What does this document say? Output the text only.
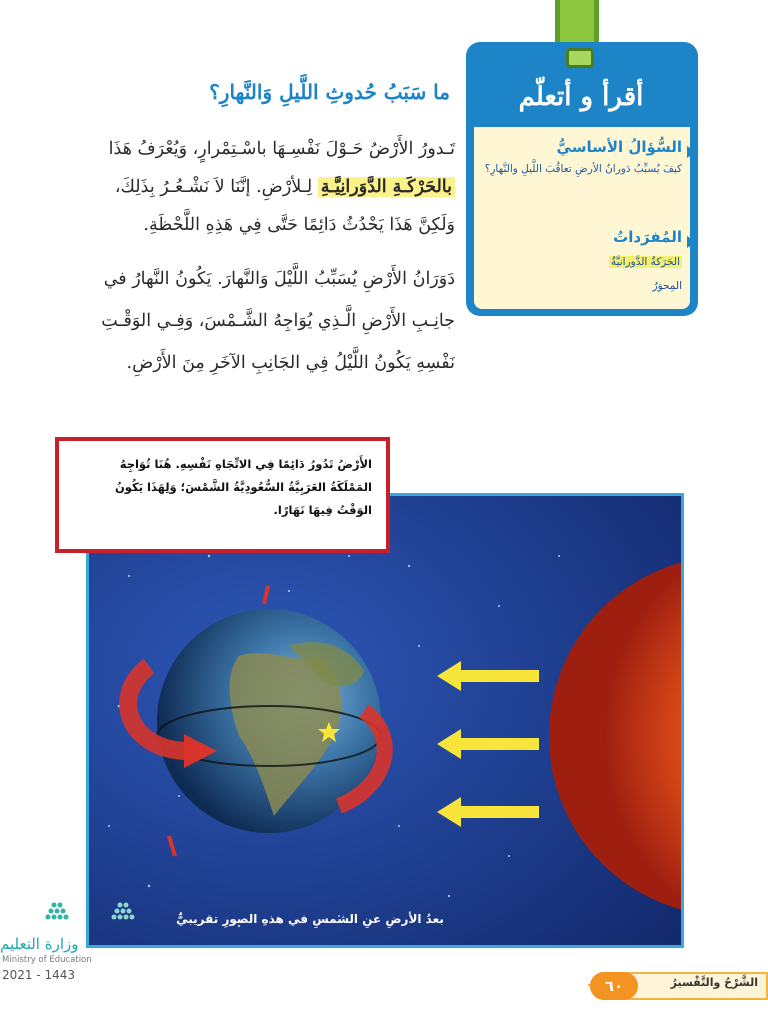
أقرأ و أتعلّم
السُّؤالُ الأساسيُّ
كيفَ يُسبِّبُ دَورانُ الأرضِ تعاقُبَ اللَّيلِ والنَّهارِ؟
المُفرَداتُ
الحَرَكةُ الدَّورانيَّةُ
المِحوَرُ
ما سَبَبُ حُدوثِ اللَّيلِ وَالنَّهارِ؟
تَـدورُ الأَرْضُ حَـوْلَ نَفْسِـهَا باسْـتِمْرارٍ، وَيُعْرَفُ هَذَا
بالحَرْكَـةِ الدَّوَرانِيَّـةِ لِـلأرْضِ. إنَّنَا لاَ نَشْـعُـرُ بِذَلِكَ،
وَلَكِنَّ هَذَا يَحْدُثُ دَائِمًا حَتَّى فِي هَذِهِ اللَّحْظَةِ.
دَوَرَانُ الأَرْضِ يُسَبِّبُ اللَّيْلَ وَالنَّهارَ. يَكُونُ النَّهارُ في
جانِـبِ الأَرْضِ الَّـذِي يُوَاجِهُ الشَّـمْسَ، وَفِـي الوَقْـتِ
نَفْسِهِ يَكُونُ اللَّيْلُ فِي الجَانِبِ الآخَرِ مِنَ الأَرْضِ.
الأَرْضُ تَدُورُ دَائِمًا فِي الاتِّجَاهِ نَفْسِهِ. هُنَا تُوَاجِهُ
المَمْلَكَةُ العَرَبِيَّةُ السُّعُودِيَّةُ الشَّمْسَ؛ وَلِهَذَا يَكُونُ
الوَقْتُ فِيهَا نَهَارًا.
بعدُ الأرضِ عنِ الشمسِ في هذهِ الصورِ تقريبيٌّ
وزارة التعليم
Ministry of Education
2021 - 1443
٦٠	الشَّرْحُ والتَّفْسيرُ
